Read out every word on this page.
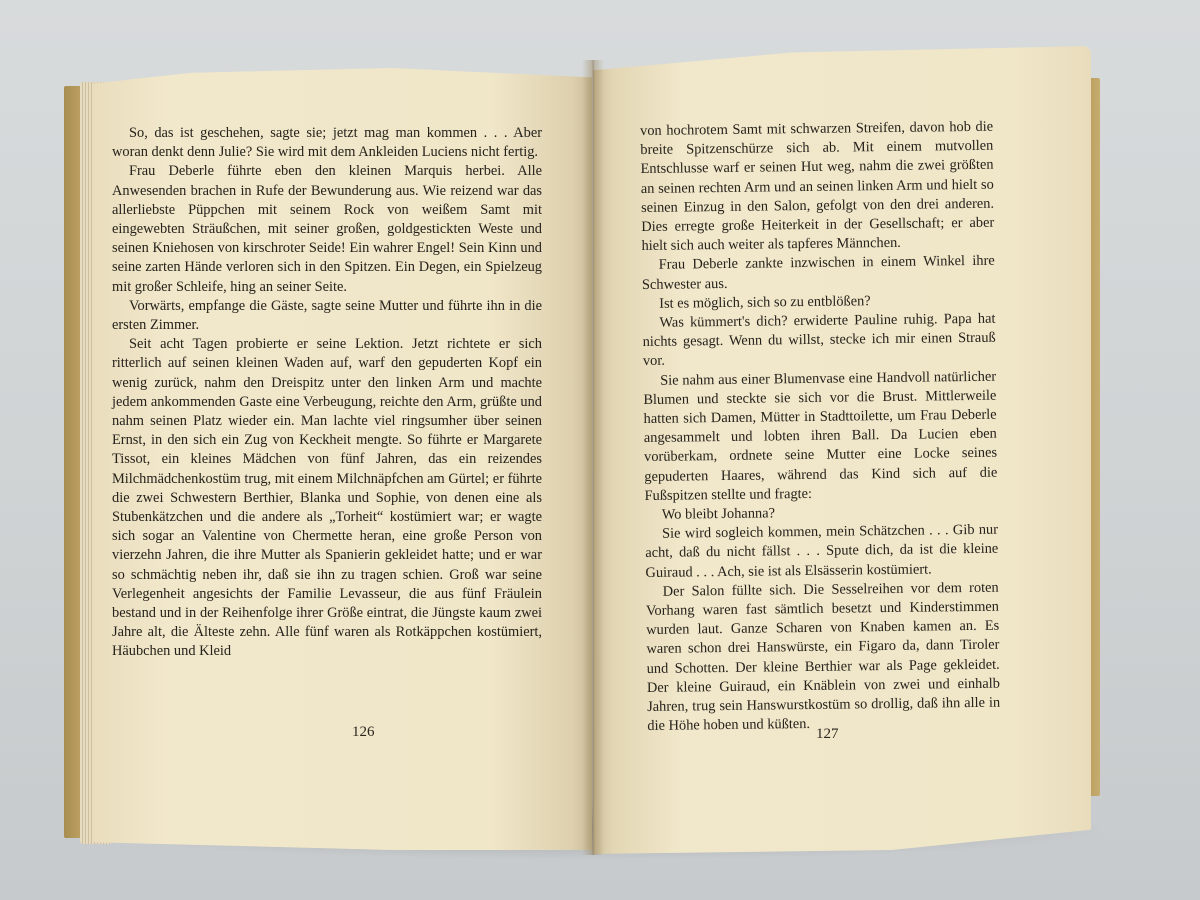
So, das ist geschehen, sagte sie; jetzt mag man kommen . . . Aber woran denkt denn Julie? Sie wird mit dem Ankleiden Luciens nicht fertig.

Frau Deberle führte eben den kleinen Marquis herbei. Alle Anwesenden brachen in Rufe der Bewunderung aus. Wie reizend war das allerliebste Püppchen mit seinem Rock von weißem Samt mit eingewebten Sträußchen, mit seiner großen, goldgestickten Weste und seinen Kniehosen von kirschroter Seide! Ein wahrer Engel! Sein Kinn und seine zarten Hände verloren sich in den Spitzen. Ein Degen, ein Spielzeug mit großer Schleife, hing an seiner Seite.

Vorwärts, empfange die Gäste, sagte seine Mutter und führte ihn in die ersten Zimmer.

Seit acht Tagen probierte er seine Lektion. Jetzt richtete er sich ritterlich auf seinen kleinen Waden auf, warf den gepuderten Kopf ein wenig zurück, nahm den Dreispitz unter den linken Arm und machte jedem ankommenden Gaste eine Verbeugung, reichte den Arm, grüßte und nahm seinen Platz wieder ein. Man lachte viel ringsumher über seinen Ernst, in den sich ein Zug von Keckheit mengte. So führte er Margarete Tissot, ein kleines Mädchen von fünf Jahren, das ein reizendes Milchmädchenkostüm trug, mit einem Milchnäpfchen am Gürtel; er führte die zwei Schwestern Berthier, Blanka und Sophie, von denen eine als Stubenkätzchen und die andere als „Torheit“ kostümiert war; er wagte sich sogar an Valentine von Chermette heran, eine große Person von vierzehn Jahren, die ihre Mutter als Spanierin gekleidet hatte; und er war so schmächtig neben ihr, daß sie ihn zu tragen schien. Groß war seine Verlegenheit angesichts der Familie Levasseur, die aus fünf Fräulein bestand und in der Reihenfolge ihrer Größe eintrat, die Jüngste kaum zwei Jahre alt, die Älteste zehn. Alle fünf waren als Rotkäppchen kostümiert, Häubchen und Kleid

126

von hochrotem Samt mit schwarzen Streifen, davon hob die breite Spitzenschürze sich ab. Mit einem mutvollen Entschlusse warf er seinen Hut weg, nahm die zwei größten an seinen rechten Arm und an seinen linken Arm und hielt so seinen Einzug in den Salon, gefolgt von den drei anderen. Dies erregte große Heiterkeit in der Gesellschaft; er aber hielt sich auch weiter als tapferes Männchen.

Frau Deberle zankte inzwischen in einem Winkel ihre Schwester aus.

Ist es möglich, sich so zu entblößen?

Was kümmert's dich? erwiderte Pauline ruhig. Papa hat nichts gesagt. Wenn du willst, stecke ich mir einen Strauß vor.

Sie nahm aus einer Blumenvase eine Handvoll natürlicher Blumen und steckte sie sich vor die Brust. Mittlerweile hatten sich Damen, Mütter in Stadttoilette, um Frau Deberle angesammelt und lobten ihren Ball. Da Lucien eben vorüberkam, ordnete seine Mutter eine Locke seines gepuderten Haares, während das Kind sich auf die Fußspitzen stellte und fragte:

Wo bleibt Johanna?

Sie wird sogleich kommen, mein Schätzchen . . . Gib nur acht, daß du nicht fällst . . . Spute dich, da ist die kleine Guiraud . . . Ach, sie ist als Elsässerin kostümiert.

Der Salon füllte sich. Die Sesselreihen vor dem roten Vorhang waren fast sämtlich besetzt und Kinderstimmen wurden laut. Ganze Scharen von Knaben kamen an. Es waren schon drei Hanswürste, ein Figaro da, dann Tiroler und Schotten. Der kleine Berthier war als Page gekleidet. Der kleine Guiraud, ein Knäblein von zwei und einhalb Jahren, trug sein Hanswurstkostüm so drollig, daß ihn alle in die Höhe hoben und küßten. 127
